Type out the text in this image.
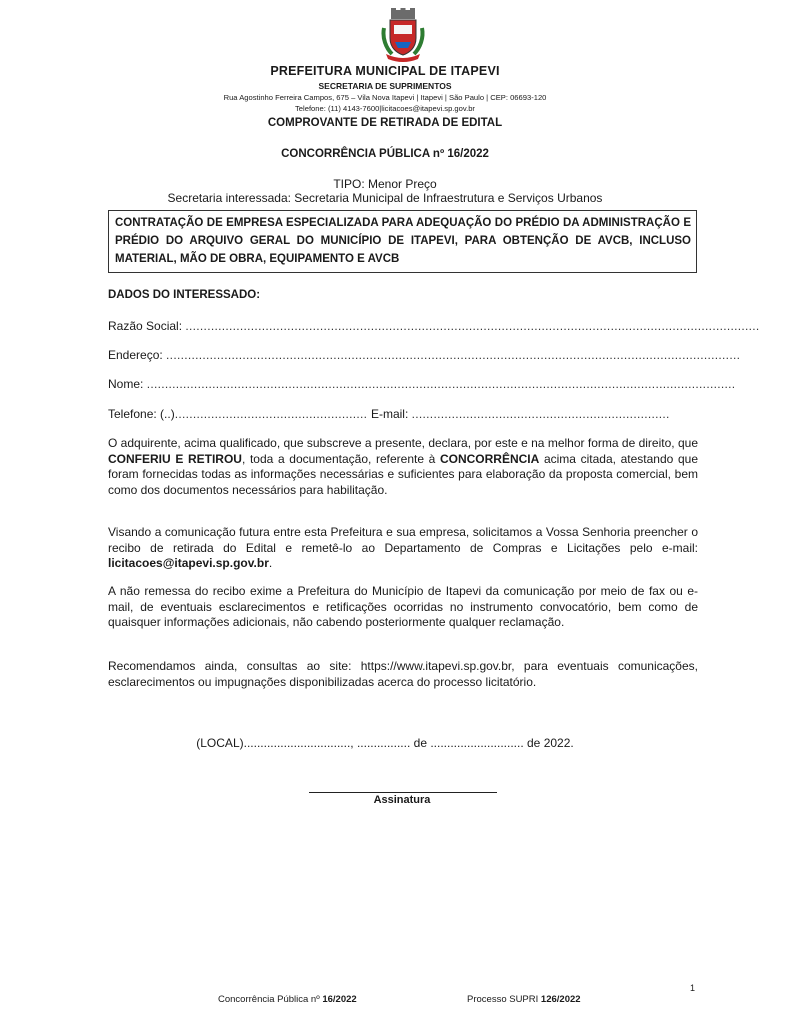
PREFEITURA MUNICIPAL DE ITAPEVI
SECRETARIA DE SUPRIMENTOS
Rua Agostinho Ferreira Campos, 675 – Vila Nova Itapevi | Itapevi | São Paulo | CEP: 06693-120
Telefone: (11) 4143-7600|licitacoes@itapevi.sp.gov.br
COMPROVANTE DE RETIRADA DE EDITAL
CONCORRÊNCIA PÚBLICA nº 16/2022
TIPO: Menor Preço
Secretaria interessada: Secretaria Municipal de Infraestrutura e Serviços Urbanos

CONTRATAÇÃO DE EMPRESA ESPECIALIZADA PARA ADEQUAÇÃO DO PRÉDIO DA ADMINISTRAÇÃO E PRÉDIO DO ARQUIVO GERAL DO MUNICÍPIO DE ITAPEVI, PARA OBTENÇÃO DE AVCB, INCLUSO MATERIAL, MÃO DE OBRA, EQUIPAMENTO E AVCB

DADOS DO INTERESSADO:
Razão Social: ..............................................................................................................................................................
Endereço: ..............................................................................................................................................................
Nome: ..................................................................................................................................................................
Telefone: (..)..................................................... E-mail: .......................................................................

O adquirente, acima qualificado, que subscreve a presente, declara, por este e na melhor forma de direito, que CONFERIU E RETIROU, toda a documentação, referente à CONCORRÊNCIA acima citada, atestando que foram fornecidas todas as informações necessárias e suficientes para elaboração da proposta comercial, bem como dos documentos necessários para habilitação.

Visando a comunicação futura entre esta Prefeitura e sua empresa, solicitamos a Vossa Senhoria preencher o recibo de retirada do Edital e remetê-lo ao Departamento de Compras e Licitações pelo e-mail: licitacoes@itapevi.sp.gov.br.

A não remessa do recibo exime a Prefeitura do Município de Itapevi da comunicação por meio de fax ou e-mail, de eventuais esclarecimentos e retificações ocorridas no instrumento convocatório, bem como de quaisquer informações adicionais, não cabendo posteriormente qualquer reclamação.

Recomendamos ainda, consultas ao site: https://www.itapevi.sp.gov.br, para eventuais comunicações, esclarecimentos ou impugnações disponibilizadas acerca do processo licitatório.

(LOCAL)................................, ................ de ............................ de 2022.
Assinatura
1
Concorrência Pública nº 16/2022	Processo SUPRI 126/2022
